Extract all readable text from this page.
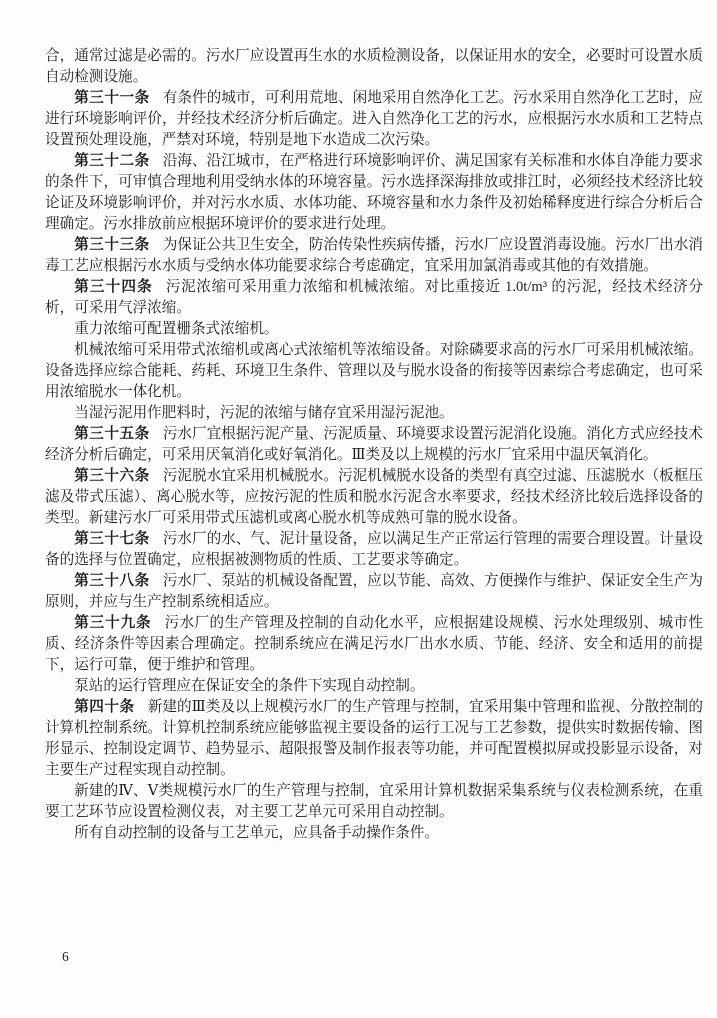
合，通常过滤是必需的。污水厂应设置再生水的水质检测设备，以保证用水的安全，必要时可设置水质自动检测设施。

第三十一条 有条件的城市，可利用荒地、闲地采用自然净化工艺。污水采用自然净化工艺时，应进行环境影响评价，并经技术经济分析后确定。进入自然净化工艺的污水，应根据污水水质和工艺特点设置预处理设施，严禁对环境，特别是地下水造成二次污染。

第三十二条 沿海、沿江城市，在严格进行环境影响评价、满足国家有关标准和水体自净能力要求的条件下，可审慎合理地利用受纳水体的环境容量。污水选择深海排放或排江时，必须经技术经济比较论证及环境影响评价，并对污水水质、水体功能、环境容量和水力条件及初始稀释度进行综合分析后合理确定。污水排放前应根据环境评价的要求进行处理。

第三十三条 为保证公共卫生安全，防治传染性疾病传播，污水厂应设置消毒设施。污水厂出水消毒工艺应根据污水水质与受纳水体功能要求综合考虑确定，宜采用加氯消毒或其他的有效措施。

第三十四条 污泥浓缩可采用重力浓缩和机械浓缩。对比重接近 1.0t/m³ 的污泥，经技术经济分析，可采用气浮浓缩。

重力浓缩可配置栅条式浓缩机。

机械浓缩可采用带式浓缩机或离心式浓缩机等浓缩设备。对除磷要求高的污水厂可采用机械浓缩。设备选择应综合能耗、药耗、环境卫生条件、管理以及与脱水设备的衔接等因素综合考虑确定，也可采用浓缩脱水一体化机。

当湿污泥用作肥料时，污泥的浓缩与储存宜采用湿污泥池。

第三十五条 污水厂宜根据污泥产量、污泥质量、环境要求设置污泥消化设施。消化方式应经技术经济分析后确定，可采用厌氧消化或好氧消化。Ⅲ类及以上规模的污水厂宜采用中温厌氧消化。

第三十六条 污泥脱水宜采用机械脱水。污泥机械脱水设备的类型有真空过滤、压滤脱水（板框压滤及带式压滤）、离心脱水等，应按污泥的性质和脱水污泥含水率要求，经技术经济比较后选择设备的类型。新建污水厂可采用带式压滤机或离心脱水机等成熟可靠的脱水设备。

第三十七条 污水厂的水、气、泥计量设备，应以满足生产正常运行管理的需要合理设置。计量设备的选择与位置确定，应根据被测物质的性质、工艺要求等确定。

第三十八条 污水厂、泵站的机械设备配置，应以节能、高效、方便操作与维护、保证安全生产为原则，并应与生产控制系统相适应。

第三十九条 污水厂的生产管理及控制的自动化水平，应根据建设规模、污水处理级别、城市性质、经济条件等因素合理确定。控制系统应在满足污水厂出水水质、节能、经济、安全和适用的前提下，运行可靠，便于维护和管理。

泵站的运行管理应在保证安全的条件下实现自动控制。

第四十条 新建的Ⅲ类及以上规模污水厂的生产管理与控制，宜采用集中管理和监视、分散控制的计算机控制系统。计算机控制系统应能够监视主要设备的运行工况与工艺参数，提供实时数据传输、图形显示、控制设定调节、趋势显示、超限报警及制作报表等功能，并可配置模拟屏或投影显示设备，对主要生产过程实现自动控制。

新建的Ⅳ、Ⅴ类规模污水厂的生产管理与控制，宜采用计算机数据采集系统与仪表检测系统，在重要工艺环节应设置检测仪表，对主要工艺单元可采用自动控制。

所有自动控制的设备与工艺单元，应具备手动操作条件。

6
